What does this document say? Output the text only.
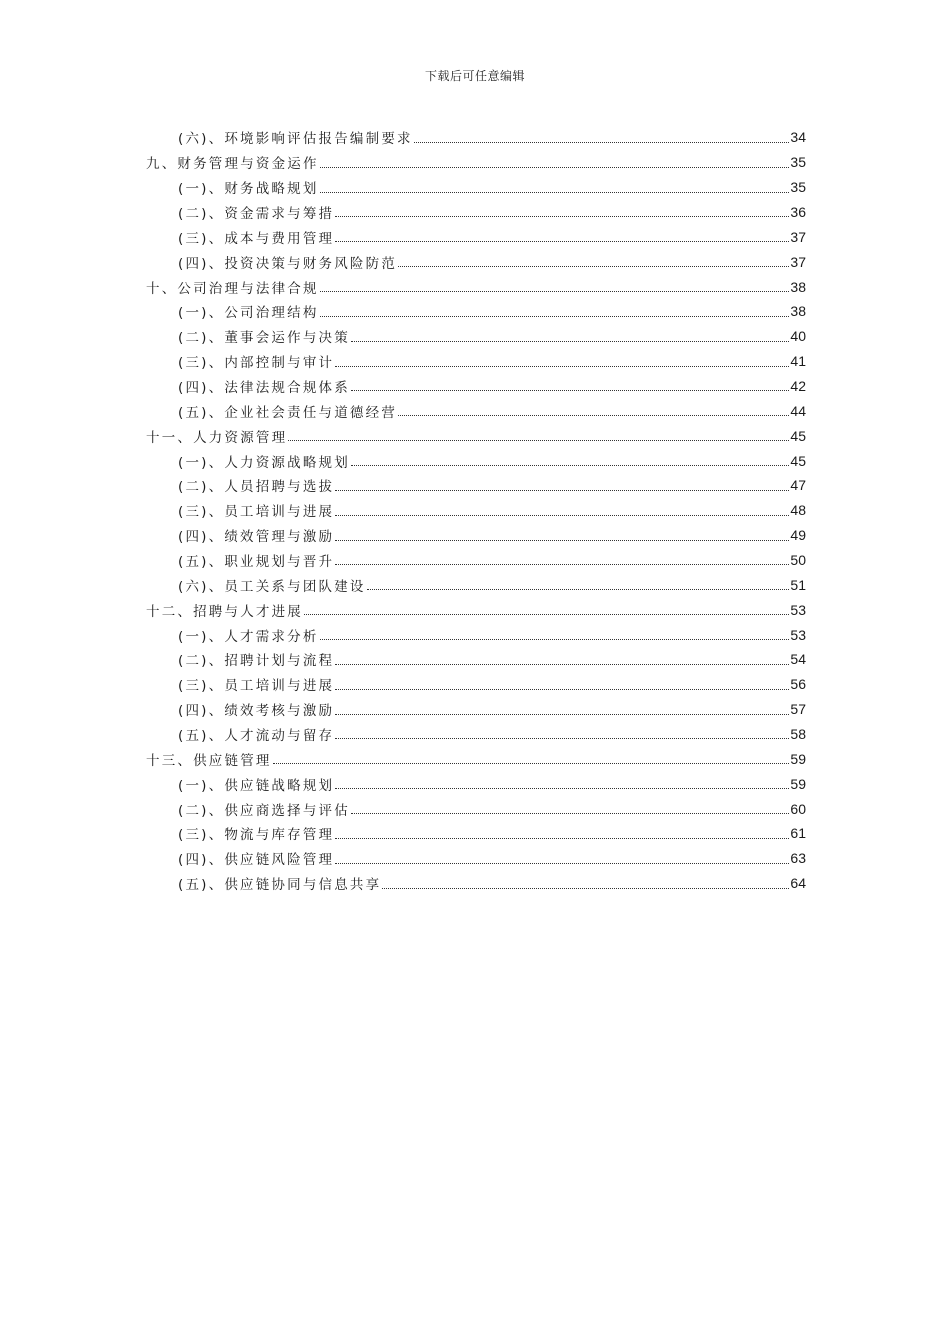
下载后可任意编辑
(六)、环境影响评估报告编制要求	34
九、财务管理与资金运作	35
(一)、财务战略规划	35
(二)、资金需求与筹措	36
(三)、成本与费用管理	37
(四)、投资决策与财务风险防范	37
十、公司治理与法律合规	38
(一)、公司治理结构	38
(二)、董事会运作与决策	40
(三)、内部控制与审计	41
(四)、法律法规合规体系	42
(五)、企业社会责任与道德经营	44
十一、人力资源管理	45
(一)、人力资源战略规划	45
(二)、人员招聘与选拔	47
(三)、员工培训与进展	48
(四)、绩效管理与激励	49
(五)、职业规划与晋升	50
(六)、员工关系与团队建设	51
十二、招聘与人才进展	53
(一)、人才需求分析	53
(二)、招聘计划与流程	54
(三)、员工培训与进展	56
(四)、绩效考核与激励	57
(五)、人才流动与留存	58
十三、供应链管理	59
(一)、供应链战略规划	59
(二)、供应商选择与评估	60
(三)、物流与库存管理	61
(四)、供应链风险管理	63
(五)、供应链协同与信息共享	64
